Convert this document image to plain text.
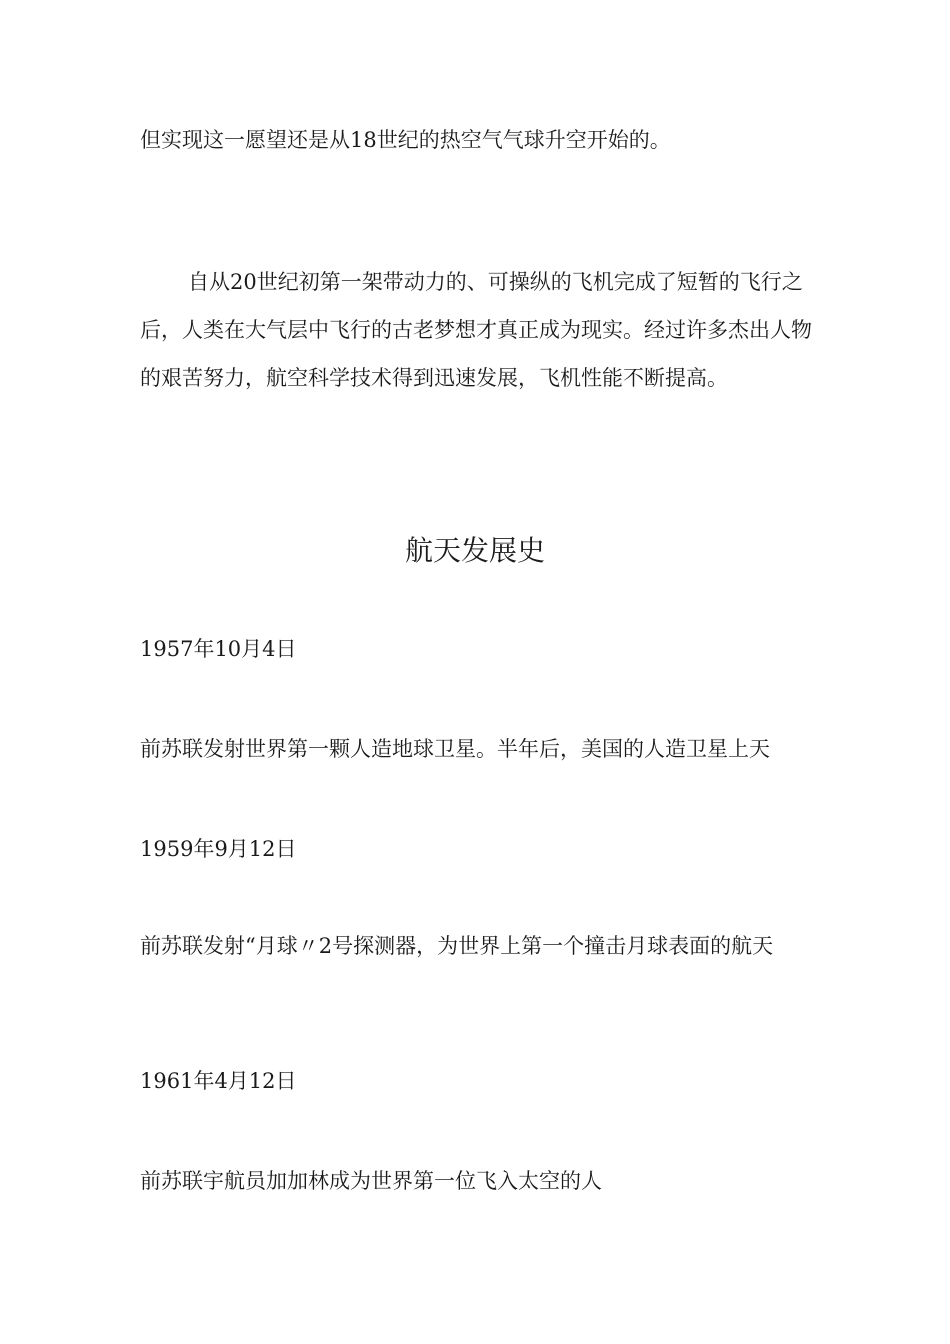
但实现这一愿望还是从18世纪的热空气气球升空开始的。

自从20世纪初第一架带动力的、可操纵的飞机完成了短暂的飞行之后，人类在大气层中飞行的古老梦想才真正成为现实。经过许多杰出人物的艰苦努力，航空科学技术得到迅速发展，飞机性能不断提高。

航天发展史

1957年10月4日

前苏联发射世界第一颗人造地球卫星。半年后，美国的人造卫星上天

1959年9月12日

前苏联发射“月球〃2号探测器，为世界上第一个撞击月球表面的航天

1961年4月12日

前苏联宇航员加加林成为世界第一位飞入太空的人
